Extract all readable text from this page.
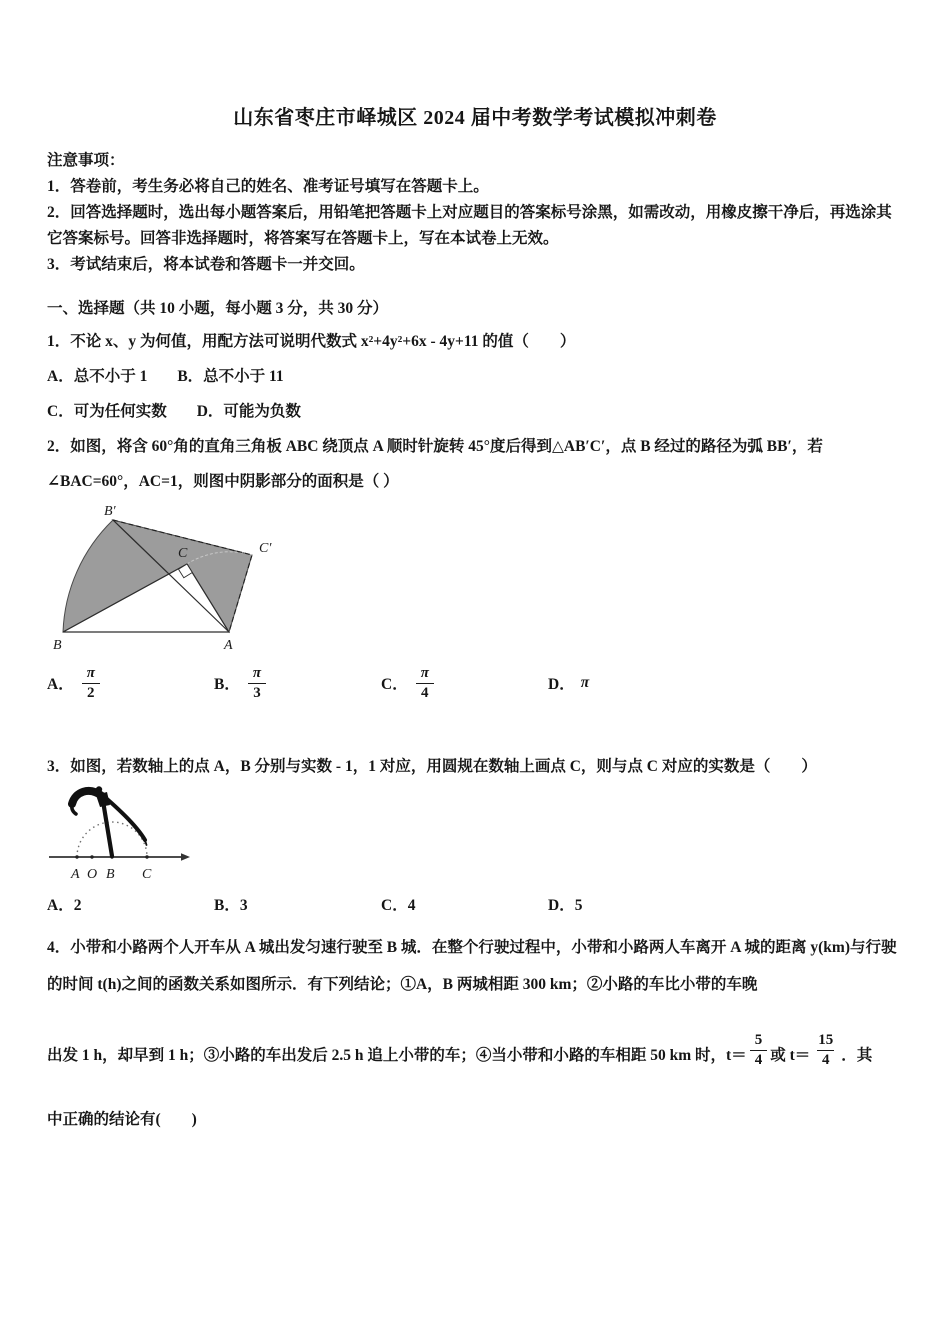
山东省枣庄市峄城区 2024 届中考数学考试模拟冲刺卷

注意事项：

1．答卷前，考生务必将自己的姓名、准考证号填写在答题卡上。

2．回答选择题时，选出每小题答案后，用铅笔把答题卡上对应题目的答案标号涂黑，如需改动，用橡皮擦干净后，再选涂其它答案标号。回答非选择题时，将答案写在答题卡上，写在本试卷上无效。

3．考试结束后，将本试卷和答题卡一并交回。

一、选择题（共 10 小题，每小题 3 分，共 30 分）

1．不论 x、y 为何值，用配方法可说明代数式 x²+4y²+6x - 4y+11 的值（　　）

A．总不小于 1 B．总不小于 11
C．可为任何实数 D．可能为负数

2．如图，将含 60°角的直角三角板 ABC 绕顶点 A 顺时针旋转 45°度后得到△AB′C′，点 B 经过的路径为弧 BB′，若∠BAC=60°，AC=1，则图中阴影部分的面积是（ ）

B′
C′
C
B	A
A． $\frac{\pi}{2}$	B． $\frac{\pi}{3}$	C． $\frac{\pi}{4}$	D． π

3．如图，若数轴上的点 A，B 分别与实数 - 1，1 对应，用圆规在数轴上画点 C，则与点 C 对应的实数是（　　）

A O B C
A．2	B．3	C．4	D．5

4．小带和小路两个人开车从 A 城出发匀速行驶至 B 城．在整个行驶过程中，小带和小路两人车离开 A 城的距离 y(km)与行驶的时间 t(h)之间的函数关系如图所示．有下列结论；①A，B 两城相距 300 km；②小路的车比小带的车晚

出发 1 h，却早到 1 h；③小路的车出发后 2.5 h 追上小带的车；④当小带和小路的车相距 50 km 时，$t= \frac{5}{4}$ 或 $t= \frac{15}{4}$ ．其

中正确的结论有(　　)
